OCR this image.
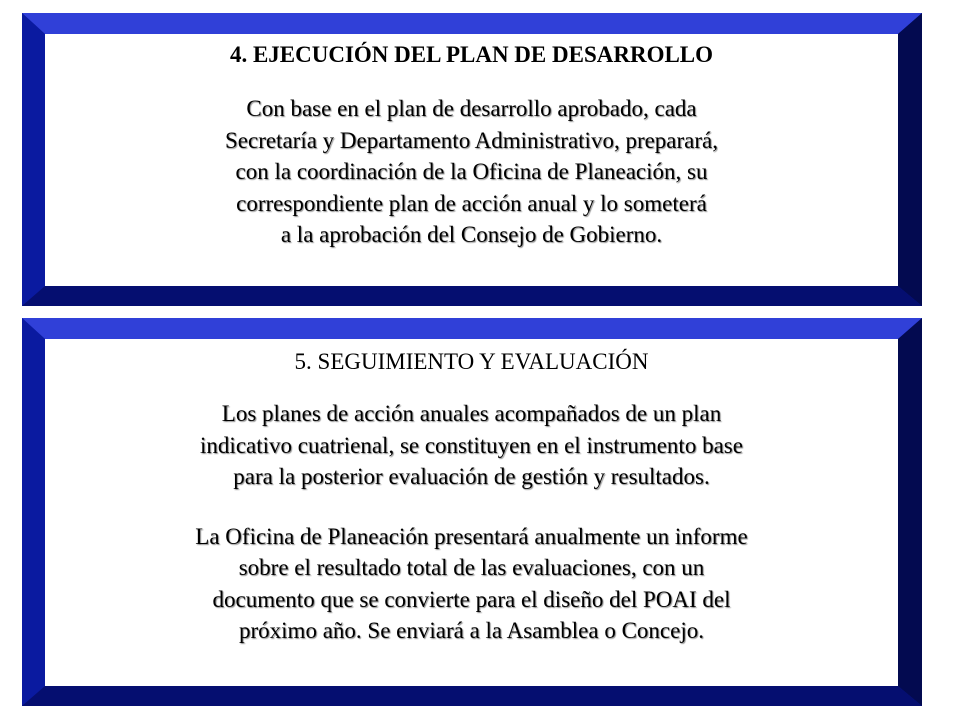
4. EJECUCIÓN DEL PLAN DE DESARROLLO

Con base en el plan de desarrollo aprobado, cada
Secretaría y Departamento Administrativo, preparará,
con la coordinación de la Oficina de Planeación, su
correspondiente plan de acción anual y lo someterá
a la aprobación del Consejo de Gobierno.

5. SEGUIMIENTO Y EVALUACIÓN

Los planes de acción anuales acompañados de un plan
indicativo cuatrienal, se constituyen en el instrumento base
para la posterior evaluación de gestión y resultados.

La Oficina de Planeación presentará anualmente un informe
sobre el resultado total de las evaluaciones, con un
documento que se convierte para el diseño del POAI del
próximo año. Se enviará a la Asamblea o Concejo.
